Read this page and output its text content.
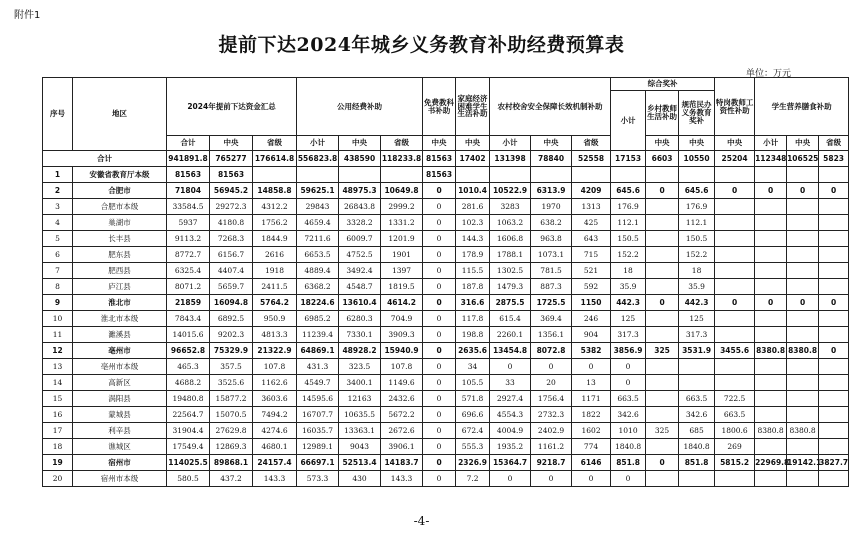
附件1
提前下达2024年城乡义务教育补助经费预算表
单位：万元
序号	地区	2024年提前下达资金汇总			公用经费补助			免费教科书补助	家庭经济困难学生生活补助	农村校舍安全保障长效机制补助			综合奖补			特岗教师工资性补助	学生营养膳食补助		
													小计	乡村教师生活补助	规范民办义务教育奖补				
		合计	中央	省级	小计	中央	省级	中央	中央	小计	中央	省级		中央	中央	中央	小计	中央	省级
合计		941891.8	765277	176614.8	556823.8	438590	118233.8	81563	17402	131398	78840	52558	17153	6603	10550	25204	112348	106525	5823
1	安徽省教育厅本级	81563	81563					81563											
2	合肥市	71804	56945.2	14858.8	59625.1	48975.3	10649.8	0	1010.4	10522.9	6313.9	4209	645.6	0	645.6	0	0	0	0
3	合肥市本级	33584.5	29272.3	4312.2	29843	26843.8	2999.2	0	281.6	3283	1970	1313	176.9		176.9				
4	巢湖市	5937	4180.8	1756.2	4659.4	3328.2	1331.2	0	102.3	1063.2	638.2	425	112.1		112.1				
5	长丰县	9113.2	7268.3	1844.9	7211.6	6009.7	1201.9	0	144.3	1606.8	963.8	643	150.5		150.5				
6	肥东县	8772.7	6156.7	2616	6653.5	4752.5	1901	0	178.9	1788.1	1073.1	715	152.2		152.2				
7	肥西县	6325.4	4407.4	1918	4889.4	3492.4	1397	0	115.5	1302.5	781.5	521	18		18				
8	庐江县	8071.2	5659.7	2411.5	6368.2	4548.7	1819.5	0	187.8	1479.3	887.3	592	35.9		35.9				
9	淮北市	21859	16094.8	5764.2	18224.6	13610.4	4614.2	0	316.6	2875.5	1725.5	1150	442.3	0	442.3	0	0	0	0
10	淮北市本级	7843.4	6892.5	950.9	6985.2	6280.3	704.9	0	117.8	615.4	369.4	246	125		125				
11	濉溪县	14015.6	9202.3	4813.3	11239.4	7330.1	3909.3	0	198.8	2260.1	1356.1	904	317.3		317.3				
12	亳州市	96652.8	75329.9	21322.9	64869.1	48928.2	15940.9	0	2635.6	13454.8	8072.8	5382	3856.9	325	3531.9	3455.6	8380.8	8380.8	0
13	亳州市本级	465.3	357.5	107.8	431.3	323.5	107.8	0	34	0	0	0	0						
14	高新区	4688.2	3525.6	1162.6	4549.7	3400.1	1149.6	0	105.5	33	20	13	0						
15	涡阳县	19480.8	15877.2	3603.6	14595.6	12163	2432.6	0	571.8	2927.4	1756.4	1171	663.5		663.5	722.5			
16	蒙城县	22564.7	15070.5	7494.2	16707.7	10635.5	5672.2	0	696.6	4554.3	2732.3	1822	342.6		342.6	663.5			
17	利辛县	31904.4	27629.8	4274.6	16035.7	13363.1	2672.6	0	672.4	4004.9	2402.9	1602	1010	325	685	1800.6	8380.8	8380.8	
18	谯城区	17549.4	12869.3	4680.1	12989.1	9043	3906.1	0	555.3	1935.2	1161.2	774	1840.8		1840.8	269			
19	宿州市	114025.5	89868.1	24157.4	66697.1	52513.4	14183.7	0	2326.9	15364.7	9218.7	6146	851.8	0	851.8	5815.2	22969.8	19142.1	3827.7
20	宿州市本级	580.5	437.2	143.3	573.3	430	143.3	0	7.2	0	0	0	0						
-4-
